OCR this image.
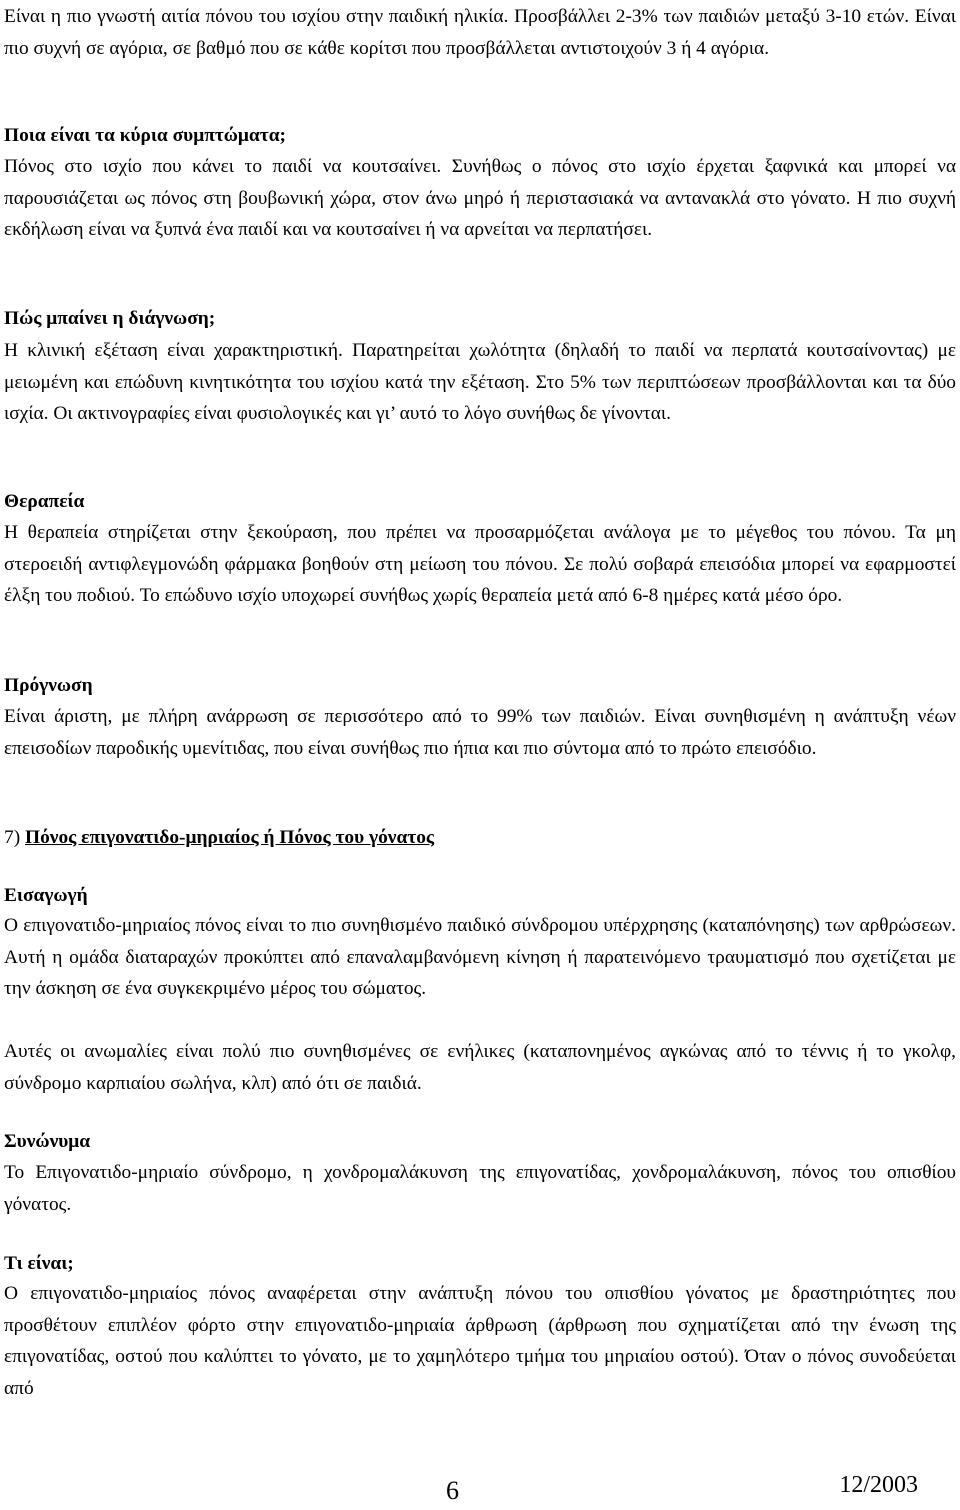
Είναι η πιο γνωστή αιτία πόνου του ισχίου στην παιδική ηλικία. Προσβάλλει 2-3% των παιδιών μεταξύ 3-10 ετών. Είναι πιο συχνή σε αγόρια, σε βαθμό που σε κάθε κορίτσι που προσβάλλεται αντιστοιχούν 3 ή 4 αγόρια.

Ποια είναι τα κύρια συμπτώματα;

Πόνος στο ισχίο που κάνει το παιδί να κουτσαίνει. Συνήθως ο πόνος στο ισχίο έρχεται ξαφνικά και μπορεί να παρουσιάζεται ως πόνος στη βουβωνική χώρα, στον άνω μηρό ή περιστασιακά να αντανακλά στο γόνατο. Η πιο συχνή εκδήλωση είναι να ξυπνά ένα παιδί και να κουτσαίνει ή να αρνείται να περπατήσει.

Πώς μπαίνει η διάγνωση;

Η κλινική εξέταση είναι χαρακτηριστική. Παρατηρείται χωλότητα (δηλαδή το παιδί να περπατά κουτσαίνοντας) με μειωμένη και επώδυνη κινητικότητα του ισχίου κατά την εξέταση. Στο 5% των περιπτώσεων προσβάλλονται και τα δύο ισχία. Οι ακτινογραφίες είναι φυσιολογικές και γι’ αυτό το λόγο συνήθως δε γίνονται.

Θεραπεία

Η θεραπεία στηρίζεται στην ξεκούραση, που πρέπει να προσαρμόζεται ανάλογα με το μέγεθος του πόνου. Τα μη στεροειδή αντιφλεγμονώδη φάρμακα βοηθούν στη μείωση του πόνου. Σε πολύ σοβαρά επεισόδια μπορεί να εφαρμοστεί έλξη του ποδιού. Το επώδυνο ισχίο υποχωρεί συνήθως χωρίς θεραπεία μετά από 6-8 ημέρες κατά μέσο όρο.

Πρόγνωση

Είναι άριστη, με πλήρη ανάρρωση σε περισσότερο από το 99% των παιδιών. Είναι συνηθισμένη η ανάπτυξη νέων επεισοδίων παροδικής υμενίτιδας, που είναι συνήθως πιο ήπια και πιο σύντομα από το πρώτο επεισόδιο.

7) Πόνος επιγονατιδο-μηριαίος ή Πόνος του γόνατος

Εισαγωγή

Ο επιγονατιδο-μηριαίος πόνος είναι το πιο συνηθισμένο παιδικό σύνδρομου υπέρχρησης (καταπόνησης) των αρθρώσεων. Αυτή η ομάδα διαταραχών προκύπτει από επαναλαμβανόμενη κίνηση ή παρατεινόμενο τραυματισμό που σχετίζεται με την άσκηση σε ένα συγκεκριμένο μέρος του σώματος.

Αυτές οι ανωμαλίες είναι πολύ πιο συνηθισμένες σε ενήλικες (καταπονημένος αγκώνας από το τέννις ή το γκολφ, σύνδρομο καρπιαίου σωλήνα, κλπ) από ότι σε παιδιά.

Συνώνυμα

Το Επιγονατιδο-μηριαίο σύνδρομο, η χονδρομαλάκυνση της επιγονατίδας, χονδρομαλάκυνση, πόνος του οπισθίου γόνατος.

Τι είναι;

Ο επιγονατιδο-μηριαίος πόνος αναφέρεται στην ανάπτυξη πόνου του οπισθίου γόνατος με δραστηριότητες που προσθέτουν επιπλέον φόρτο στην επιγονατιδο-μηριαία άρθρωση (άρθρωση που σχηματίζεται από την ένωση της επιγονατίδας, οστού που καλύπτει το γόνατο, με το χαμηλότερο τμήμα του μηριαίου οστού). Όταν ο πόνος συνοδεύεται από

6	12/2003
